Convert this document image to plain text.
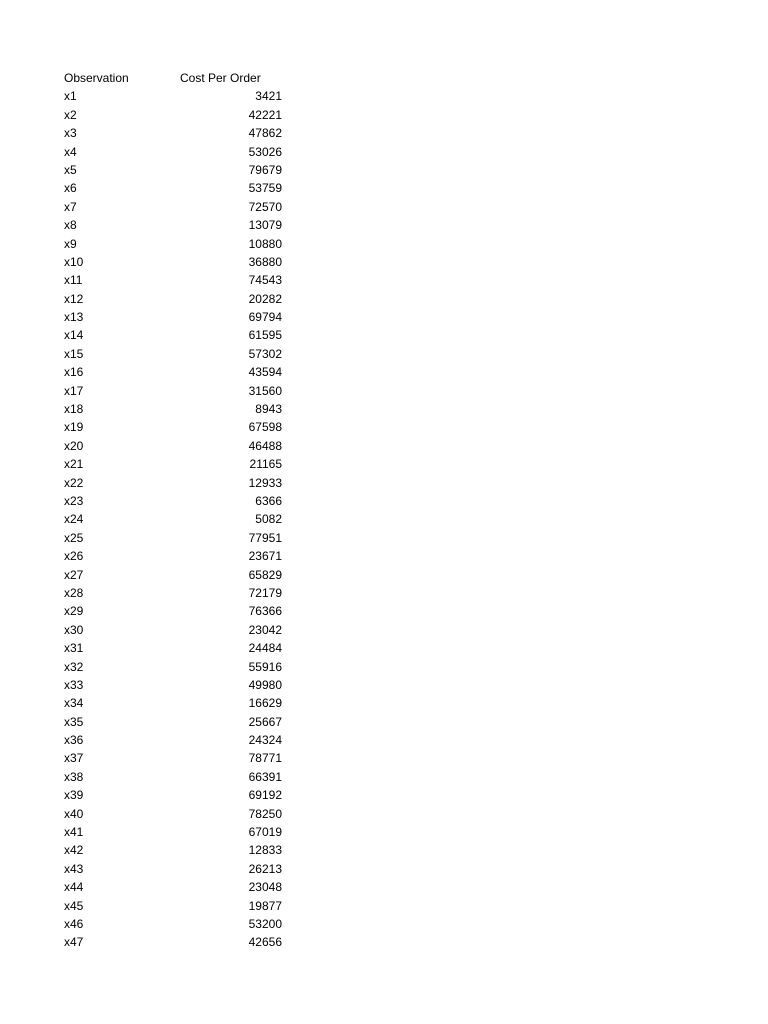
Observation	Cost Per Order
x1	3421
x2	42221
x3	47862
x4	53026
x5	79679
x6	53759
x7	72570
x8	13079
x9	10880
x10	36880
x11	74543
x12	20282
x13	69794
x14	61595
x15	57302
x16	43594
x17	31560
x18	8943
x19	67598
x20	46488
x21	21165
x22	12933
x23	6366
x24	5082
x25	77951
x26	23671
x27	65829
x28	72179
x29	76366
x30	23042
x31	24484
x32	55916
x33	49980
x34	16629
x35	25667
x36	24324
x37	78771
x38	66391
x39	69192
x40	78250
x41	67019
x42	12833
x43	26213
x44	23048
x45	19877
x46	53200
x47	42656
